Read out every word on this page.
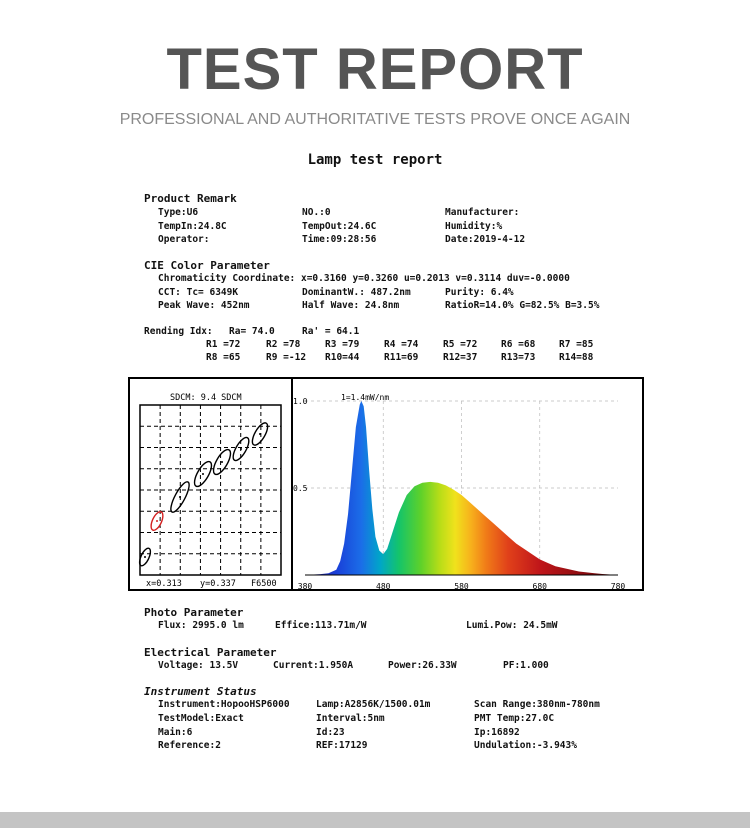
TEST REPORT
PROFESSIONAL AND AUTHORITATIVE TESTS PROVE ONCE AGAIN
Lamp test report
Product Remark
Type:U6	NO.:0	Manufacturer:
TempIn:24.8C	TempOut:24.6C	Humidity:%
Operator:	Time:09:28:56	Date:2019-4-12
CIE Color Parameter
Chromaticity Coordinate: x=0.3160 y=0.3260 u=0.2013 v=0.3114 duv=-0.0000
CCT: Tc= 6349K	DominantW.: 487.2nm	Purity: 6.4%
Peak Wave: 452nm	Half Wave: 24.8nm	RatioR=14.0% G=82.5% B=3.5%
Rending Idx: Ra= 74.0	Ra' = 64.1
R1 =72	R2 =78	R3 =79	R4 =74	R5 =72 R6 =68 R7 =85
R8 =65	R9 =-12 R10=44	R11=69	R12=37 R13=73 R14=88
SDCM: 9.4 SDCM
x=0.313 y=0.337 F6500
1=1.4mW/nm
380	480	580	680	780
1.0
0.5
Photo Parameter
Flux: 2995.0 lm	Effice:113.71m/W	Lumi.Pow: 24.5mW
Electrical Parameter
Voltage: 13.5V	Current:1.950A	Power:26.33W	PF:1.000
Instrument Status
Instrument:HopooHSP6000	Lamp:A2856K/1500.01m	Scan Range:380nm-780nm
TestModel:Exact	Interval:5nm	PMT Temp:27.0C
Main:6	Id:23	Ip:16892
Reference:2	REF:17129	Undulation:-3.943%
